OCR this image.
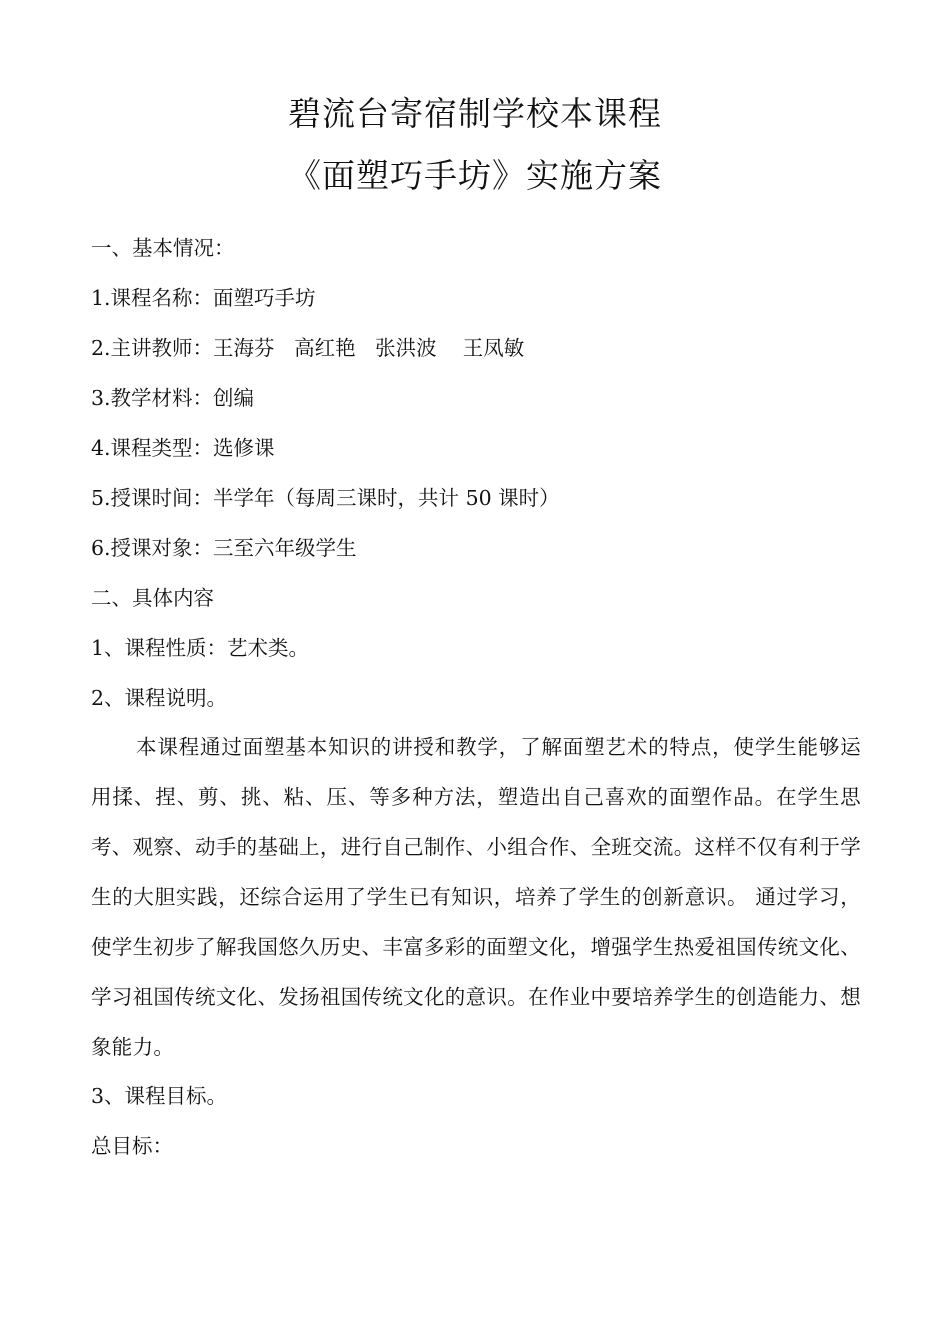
碧流台寄宿制学校本课程
《面塑巧手坊》实施方案
一、基本情况：
1.课程名称：面塑巧手坊
2.主讲教师：王海芬   高红艳   张洪波    王凤敏
3.教学材料：创编
4.课程类型：选修课
5.授课时间：半学年（每周三课时，共计 50 课时）
6.授课对象：三至六年级学生
二、具体内容
1、课程性质：艺术类。
2、课程说明。
本课程通过面塑基本知识的讲授和教学，了解面塑艺术的特点，使学生能够运用揉、捏、剪、挑、粘、压、等多种方法，塑造出自己喜欢的面塑作品。在学生思考、观察、动手的基础上，进行自己制作、小组合作、全班交流。这样不仅有利于学生的大胆实践，还综合运用了学生已有知识，培养了学生的创新意识。 通过学习，使学生初步了解我国悠久历史、丰富多彩的面塑文化，增强学生热爱祖国传统文化、学习祖国传统文化、发扬祖国传统文化的意识。在作业中要培养学生的创造能力、想象能力。
3、课程目标。
总目标：
